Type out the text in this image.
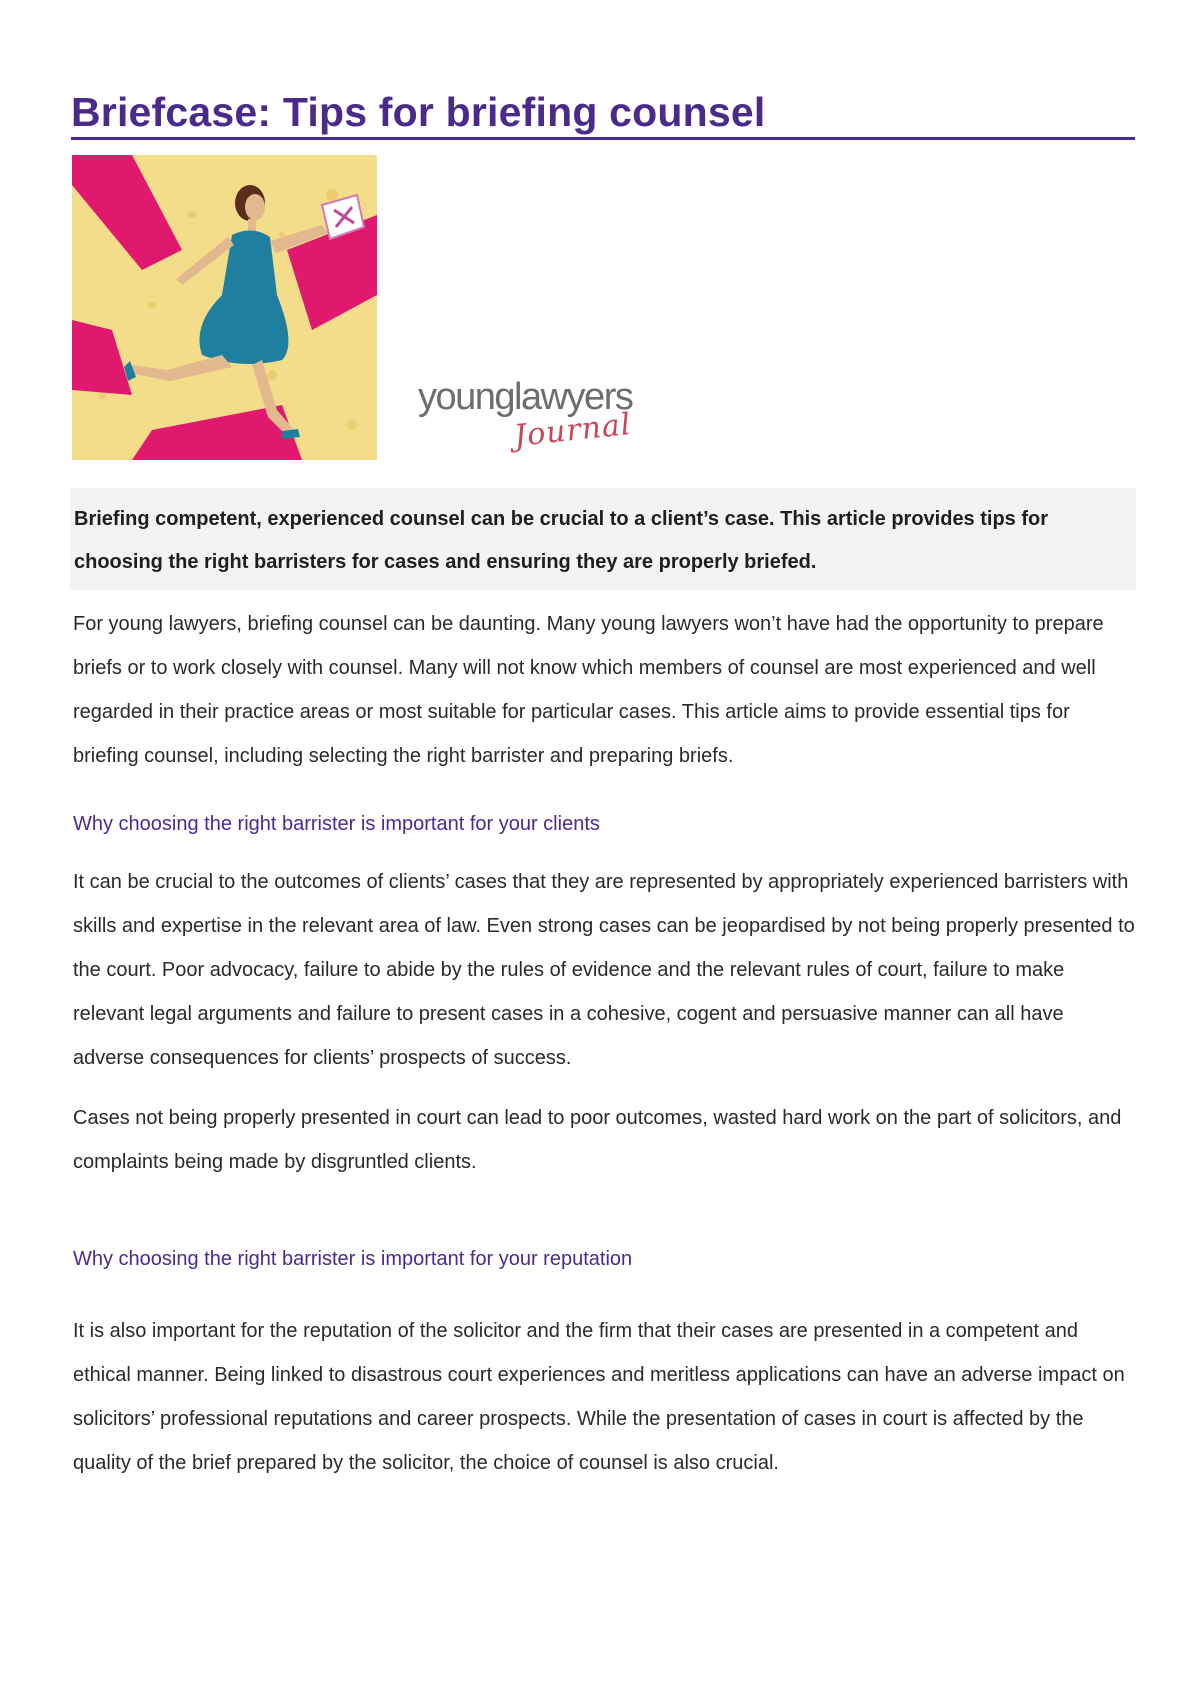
Briefcase: Tips for briefing counsel
younglawyers
Journal

Briefing competent, experienced counsel can be crucial to a client’s case. This article provides tips for choosing the right barristers for cases and ensuring they are properly briefed.

For young lawyers, briefing counsel can be daunting. Many young lawyers won’t have had the opportunity to prepare briefs or to work closely with counsel. Many will not know which members of counsel are most experienced and well regarded in their practice areas or most suitable for particular cases. This article aims to provide essential tips for briefing counsel, including selecting the right barrister and preparing briefs.

Why choosing the right barrister is important for your clients

It can be crucial to the outcomes of clients’ cases that they are represented by appropriately experienced barristers with skills and expertise in the relevant area of law. Even strong cases can be jeopardised by not being properly presented to the court. Poor advocacy, failure to abide by the rules of evidence and the relevant rules of court, failure to make relevant legal arguments and failure to present cases in a cohesive, cogent and persuasive manner can all have adverse consequences for clients’ prospects of success.

Cases not being properly presented in court can lead to poor outcomes, wasted hard work on the part of solicitors, and complaints being made by disgruntled clients.

Why choosing the right barrister is important for your reputation

It is also important for the reputation of the solicitor and the firm that their cases are presented in a competent and ethical manner. Being linked to disastrous court experiences and meritless applications can have an adverse impact on solicitors’ professional reputations and career prospects. While the presentation of cases in court is affected by the quality of the brief prepared by the solicitor, the choice of counsel is also crucial.
